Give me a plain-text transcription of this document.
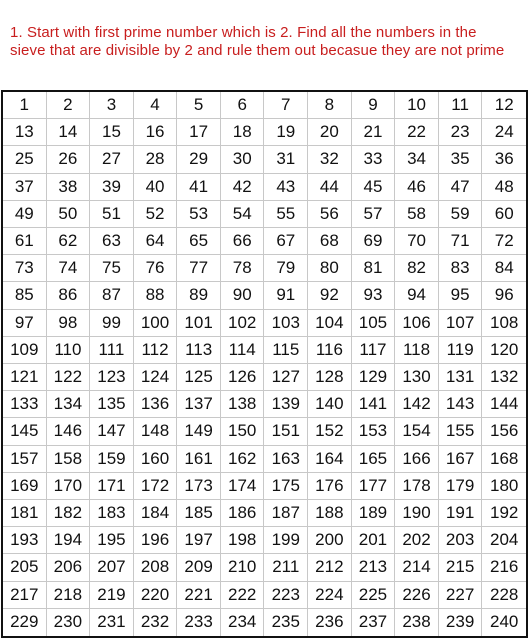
1. Start with first prime number which is 2. Find all the numbers in the sieve that are divisible by 2 and rule them out becasue they are not prime
1	2	3	4	5	6	7	8	9	10	11	12
13	14	15	16	17	18	19	20	21	22	23	24
25	26	27	28	29	30	31	32	33	34	35	36
37	38	39	40	41	42	43	44	45	46	47	48
49	50	51	52	53	54	55	56	57	58	59	60
61	62	63	64	65	66	67	68	69	70	71	72
73	74	75	76	77	78	79	80	81	82	83	84
85	86	87	88	89	90	91	92	93	94	95	96
97	98	99	100 101 102 103 104 105 106 107 108
109 110	111	112 113 114 115 116 117 118 119 120
121 122 123 124 125 126 127 128 129 130 131 132
133 134 135 136 137 138 139 140 141 142 143 144
145 146 147 148 149 150 151 152 153 154 155 156
157 158 159 160 161 162 163 164 165 166 167 168
169 170 171 172 173 174 175 176 177 178 179 180
181 182 183 184 185 186 187 188 189 190 191 192
193 194 195 196 197 198 199 200 201 202 203 204
205 206 207 208 209 210 211 212 213 214 215 216
217 218 219 220 221 222 223 224 225 226 227 228
229 230 231 232 233 234 235 236 237 238 239 240
